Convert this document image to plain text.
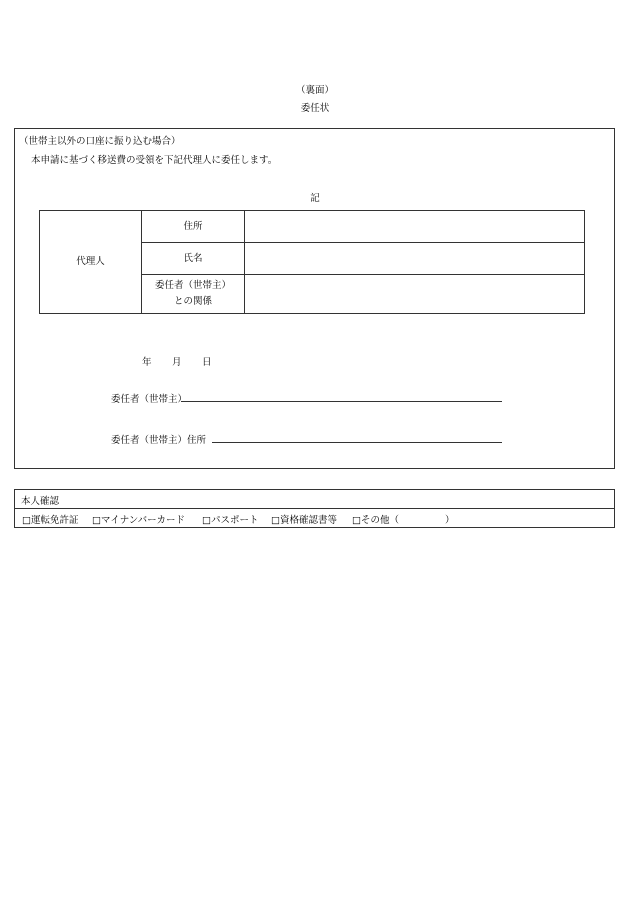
（裏面）
委任状
（世帯主以外の口座に振り込む場合）
本申請に基づく移送費の受領を下記代理人に委任します。
記
代理人	住所	
	氏名	

	委任者（世帯主）
との関係	

年 月 日
委任者（世帯主）
委任者（世帯主）住所
本人確認
□運転免許証 □マイナンバーカード □パスポート □資格確認書等 □その他（	）
